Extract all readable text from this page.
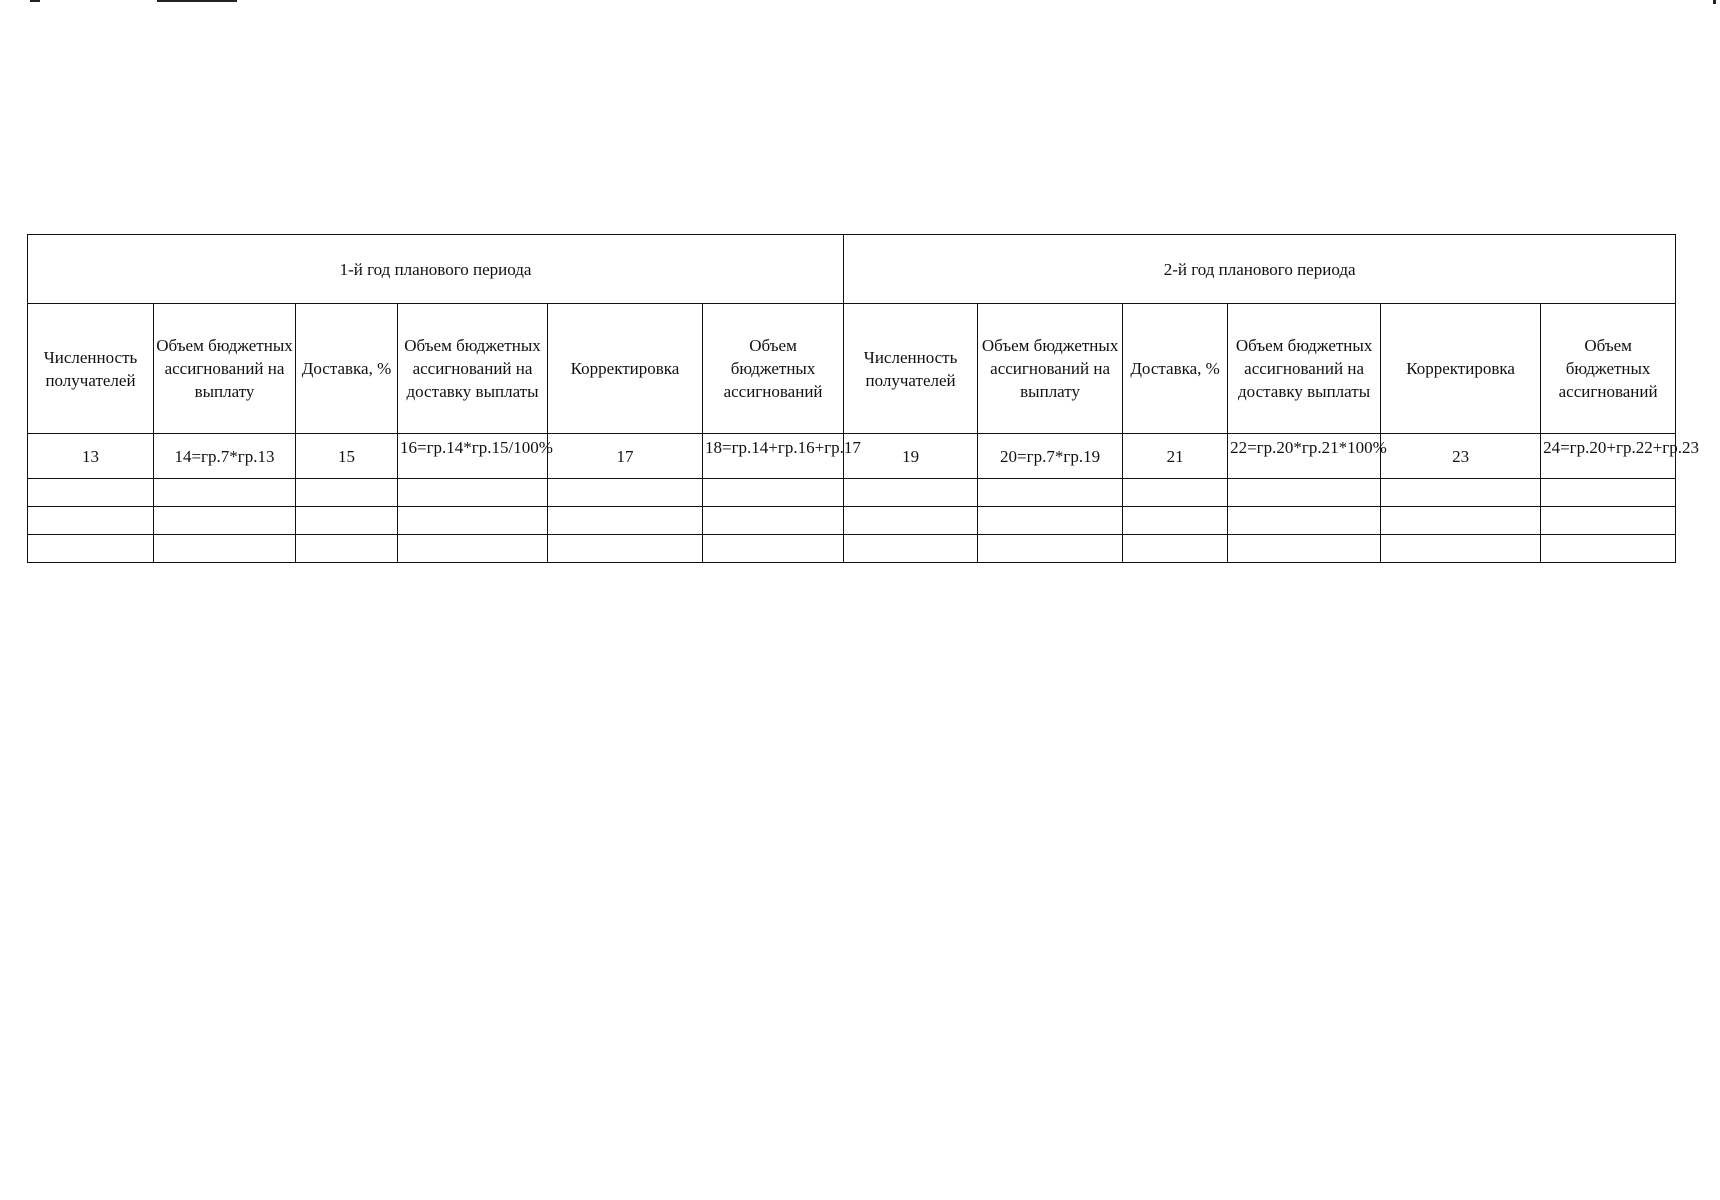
1-й год планового периода						2-й год планового периода					
Численность получателей	Объем бюджетных ассигнований на выплату	Доставка, %	Объем бюджетных ассигнований на доставку выплаты	Корректировка	Объем бюджетных ассигнований	Численность получателей	Объем бюджетных ассигнований на выплату	Доставка, %	Объем бюджетных ассигнований на доставку выплаты	Корректировка	Объем бюджетных ассигнований
13	14=гр.7*гр.13	15	16=гр.14*гр.15/100%	17	18=гр.14+гр.16+гр.17	19	20=гр.7*гр.19	21	22=гр.20*гр.21*100%	23	24=гр.20+гр.22+гр.23
